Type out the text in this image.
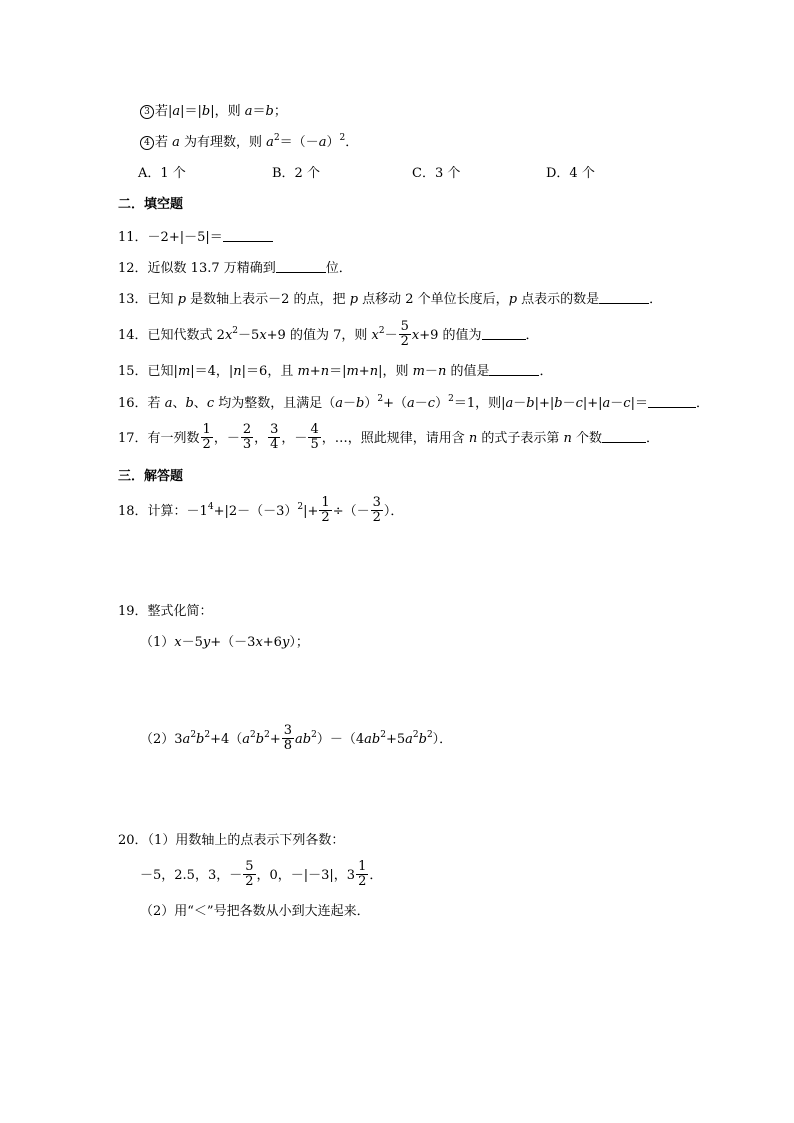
3 若|a|＝|b|，则 a＝b；
4 若 a 为有理数，则 $a^2=(-a)^2$．
A．1 个	B．2 个	C．3 个	D．4 个
二．填空题
11．－2+|－5|＝
12．近似数 13.7 万精确到	位．
13．已知 p 是数轴上表示－2 的点，把 p 点移动 2 个单位长度后，p 点表示的数是	．
14．已知代数式 $2x^2-5x+9$ 的值为 7，则 $x^2- \frac{5}{2} x+9$ 的值为	．
15．已知|m|＝4，|n|＝6，且 m+n＝|m+n|，则 m－n 的值是	．
16．若 a、b、c 均为整数，且满足$(a-b)^2+(a-c)^2=1$，则|a－b|+|b－c|+|a－c|＝	．
17．有一列数 $\frac{1}{2}$ ，－ $\frac{2}{3}$ ， $\frac{3}{4}$ ，－ $\frac{4}{5}$ ，…，照此规律，请用含 n 的式子表示第 n 个数	．
三．解答题
18．计算：$-1^4+|2-(-3)^2|+ \frac{1}{2}$ ÷（－ $\frac{3}{2}$ ）．
19．整式化简：
（1）x－5y+（－3x+6y）；
$(2)3a^2b^2+4(a^2b^2+ \frac{3}{8} ab^2)-(4ab^2+5a^2b^2)$．
20．（1）用数轴上的点表示下列各数：
－5，2.5，3，－ $\frac{5}{2}$ ，0，－|－3|，$3 \frac{1}{2}$ ．
（2）用“＜”号把各数从小到大连起来．
